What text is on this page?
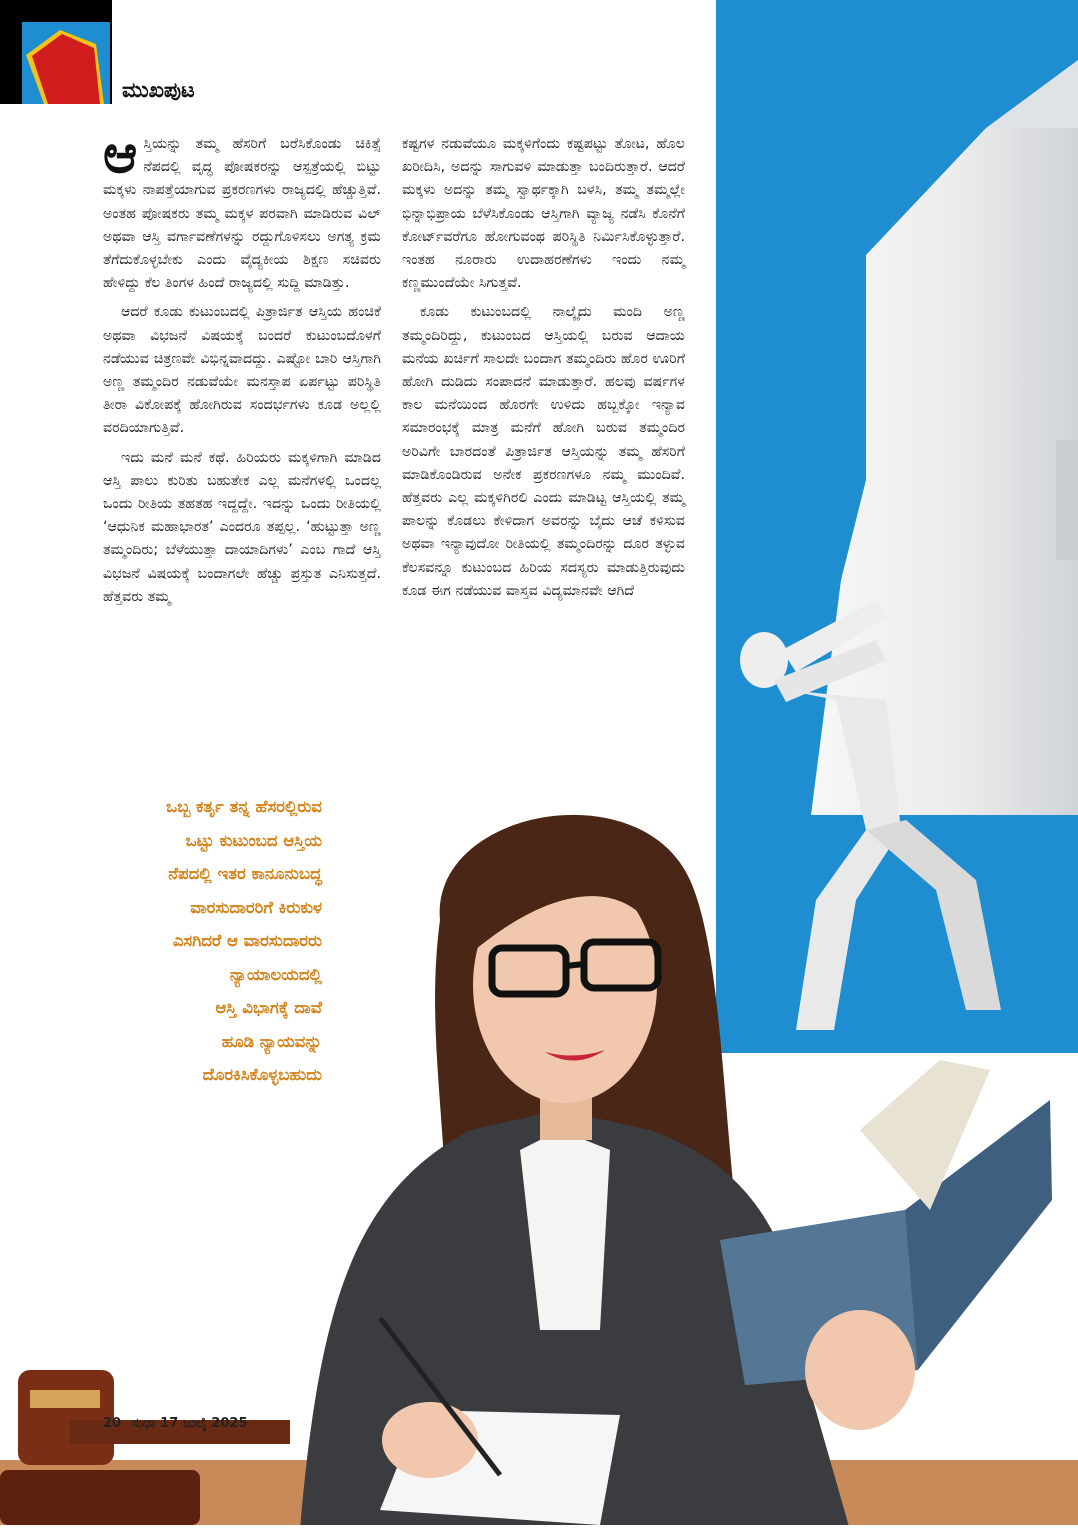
ಮುಖಪುಟ

ಆಸ್ತಿಯನ್ನು ತಮ್ಮ ಹೆಸರಿಗೆ ಬರೆಸಿಕೊಂಡು ಚಿಕಿತ್ಸೆ ನೆಪದಲ್ಲಿ ವೃದ್ಧ ಪೋಷಕರನ್ನು ಆಸ್ಪತ್ರೆಯಲ್ಲಿ ಬಿಟ್ಟು ಮಕ್ಕಳು ನಾಪತ್ತೆಯಾಗುವ ಪ್ರಕರಣಗಳು ರಾಜ್ಯದಲ್ಲಿ ಹೆಚ್ಚುತ್ತಿವೆ. ಅಂತಹ ಪೋಷಕರು ತಮ್ಮ ಮಕ್ಕಳ ಪರವಾಗಿ ಮಾಡಿರುವ ವಿಲ್ ಅಥವಾ ಆಸ್ತಿ ವರ್ಗಾವಣೆಗಳನ್ನು ರದ್ದುಗೊಳಿಸಲು ಅಗತ್ಯ ಕ್ರಮ ತೆಗೆದುಕೊಳ್ಳಬೇಕು ಎಂದು ವೈದ್ಯಕೀಯ ಶಿಕ್ಷಣ ಸಚಿವರು ಹೇಳಿದ್ದು ಕೆಲ ತಿಂಗಳ ಹಿಂದೆ ರಾಜ್ಯದಲ್ಲಿ ಸುದ್ದಿ ಮಾಡಿತ್ತು.

ಆದರೆ ಕೂಡು ಕುಟುಂಬದಲ್ಲಿ ಪಿತ್ರಾರ್ಜಿತ ಆಸ್ತಿಯ ಹಂಚಿಕೆ ಅಥವಾ ವಿಭಜನೆ ವಿಷಯಕ್ಕೆ ಬಂದರೆ ಕುಟುಂಬದೊಳಗೆ ನಡೆಯುವ ಚಿತ್ರಣವೇ ವಿಭಿನ್ನವಾದದ್ದು. ಎಷ್ಟೋ ಬಾರಿ ಆಸ್ತಿಗಾಗಿ ಅಣ್ಣ ತಮ್ಮಂದಿರ ನಡುವೆಯೇ ಮನಸ್ತಾಪ ಏರ್ಪಟ್ಟು ಪರಿಸ್ಥಿತಿ ತೀರಾ ವಿಕೋಪಕ್ಕೆ ಹೋಗಿರುವ ಸಂದರ್ಭಗಳು ಕೂಡ ಅಲ್ಲಲ್ಲಿ ವರದಿಯಾಗುತ್ತಿವೆ.

ಇದು ಮನೆ ಮನೆ ಕಥೆ. ಹಿರಿಯರು ಮಕ್ಕಳಿಗಾಗಿ ಮಾಡಿದ ಆಸ್ತಿ ಪಾಲು ಕುರಿತು ಬಹುತೇಕ ಎಲ್ಲ ಮನೆಗಳಲ್ಲಿ ಒಂದಲ್ಲ ಒಂದು ರೀತಿಯ ತಹತಹ ಇದ್ದದ್ದೇ. ಇದನ್ನು ಒಂದು ರೀತಿಯಲ್ಲಿ ‘ಆಧುನಿಕ ಮಹಾಭಾರತ’ ಎಂದರೂ ತಪ್ಪಲ್ಲ. ‘ಹುಟ್ಟುತ್ತಾ ಅಣ್ಣ ತಮ್ಮಂದಿರು; ಬೆಳೆಯುತ್ತಾ ದಾಯಾದಿಗಳು’ ಎಂಬ ಗಾದೆ ಆಸ್ತಿ ವಿಭಜನೆ ವಿಷಯಕ್ಕೆ ಬಂದಾಗಲೇ ಹೆಚ್ಚು ಪ್ರಸ್ತುತ ಎನಿಸುತ್ತದೆ. ಹೆತ್ತವರು ತಮ್ಮ

ಕಷ್ಟಗಳ ನಡುವೆಯೂ ಮಕ್ಕಳಿಗೆಂದು ಕಷ್ಟಪಟ್ಟು ತೋಟ, ಹೊಲ ಖರೀದಿಸಿ, ಅದನ್ನು ಸಾಗುವಳಿ ಮಾಡುತ್ತಾ ಬಂದಿರುತ್ತಾರೆ. ಆದರೆ ಮಕ್ಕಳು ಅದನ್ನು ತಮ್ಮ ಸ್ವಾರ್ಥಕ್ಕಾಗಿ ಬಳಸಿ, ತಮ್ಮ ತಮ್ಮಲ್ಲೇ ಭಿನ್ನಾಭಿಪ್ರಾಯ ಬೆಳೆಸಿಕೊಂಡು ಆಸ್ತಿಗಾಗಿ ವ್ಯಾಜ್ಯ ನಡೆಸಿ ಕೊನೆಗೆ ಕೋರ್ಟ್‌ವರೆಗೂ ಹೋಗುವಂಥ ಪರಿಸ್ಥಿತಿ ನಿರ್ಮಿಸಿಕೊಳ್ಳುತ್ತಾರೆ. ಇಂತಹ ನೂರಾರು ಉದಾಹರಣೆಗಳು ಇಂದು ನಮ್ಮ ಕಣ್ಣಮುಂದೆಯೇ ಸಿಗುತ್ತವೆ.

ಕೂಡು ಕುಟುಂಬದಲ್ಲಿ ನಾಲ್ಕೈದು ಮಂದಿ ಅಣ್ಣ ತಮ್ಮಂದಿರಿದ್ದು, ಕುಟುಂಬದ ಆಸ್ತಿಯಲ್ಲಿ ಬರುವ ಆದಾಯ ಮನೆಯ ಖರ್ಚಿಗೆ ಸಾಲದೇ ಬಂದಾಗ ತಮ್ಮಂದಿರು ಹೊರ ಊರಿಗೆ ಹೋಗಿ ದುಡಿದು ಸಂಪಾದನೆ ಮಾಡುತ್ತಾರೆ. ಹಲವು ವರ್ಷಗಳ ಕಾಲ ಮನೆಯಿಂದ ಹೊರಗೇ ಉಳಿದು ಹಬ್ಬಕ್ಕೋ ಇನ್ಯಾವ ಸಮಾರಂಭಕ್ಕೆ ಮಾತ್ರ ಮನೆಗೆ ಹೋಗಿ ಬರುವ ತಮ್ಮಂದಿರ ಅರಿವಿಗೇ ಬಾರದಂತೆ ಪಿತ್ರಾರ್ಜಿತ ಆಸ್ತಿಯನ್ನು ತಮ್ಮ ಹೆಸರಿಗೆ ಮಾಡಿಕೊಂಡಿರುವ ಅನೇಕ ಪ್ರಕರಣಗಳೂ ನಮ್ಮ ಮುಂದಿವೆ. ಹೆತ್ತವರು ಎಲ್ಲ ಮಕ್ಕಳಿಗಿರಲಿ ಎಂದು ಮಾಡಿಟ್ಟ ಆಸ್ತಿಯಲ್ಲಿ ತಮ್ಮ ಪಾಲನ್ನು ಕೊಡಲು ಕೇಳಿದಾಗ ಅವರನ್ನು ಬೈದು ಆಚೆ ಕಳಿಸುವ ಅಥವಾ ಇನ್ಯಾವುದೋ ರೀತಿಯಲ್ಲಿ ತಮ್ಮಂದಿರನ್ನು ದೂರ ತಳ್ಳುವ ಕೆಲಸವನ್ನೂ ಕುಟುಂಬದ ಹಿರಿಯ ಸದಸ್ಯರು ಮಾಡುತ್ತಿರುವುದು ಕೂಡ ಈಗ ನಡೆಯುವ ವಾಸ್ತವ ವಿದ್ಯಮಾನವೇ ಆಗಿದೆ

ಒಬ್ಬ ಕರ್ತೃ ತನ್ನ ಹೆಸರಲ್ಲಿರುವ
ಒಟ್ಟು ಕುಟುಂಬದ ಆಸ್ತಿಯ
ನೆಪದಲ್ಲಿ ಇತರ ಕಾನೂನುಬದ್ಧ
ವಾರಸುದಾರರಿಗೆ ಕಿರುಕುಳ
ಎಸಗಿದರೆ ಆ ವಾರಸುದಾರರು
ನ್ಯಾಯಾಲಯದಲ್ಲಿ
ಆಸ್ತಿ ವಿಭಾಗಕ್ಕೆ ದಾವೆ
ಹೂಡಿ ನ್ಯಾಯವನ್ನು
ದೊರಕಿಸಿಕೊಳ್ಳಬಹುದು
20 ಸುಧಾ 17 ಜುಲೈ 2025
